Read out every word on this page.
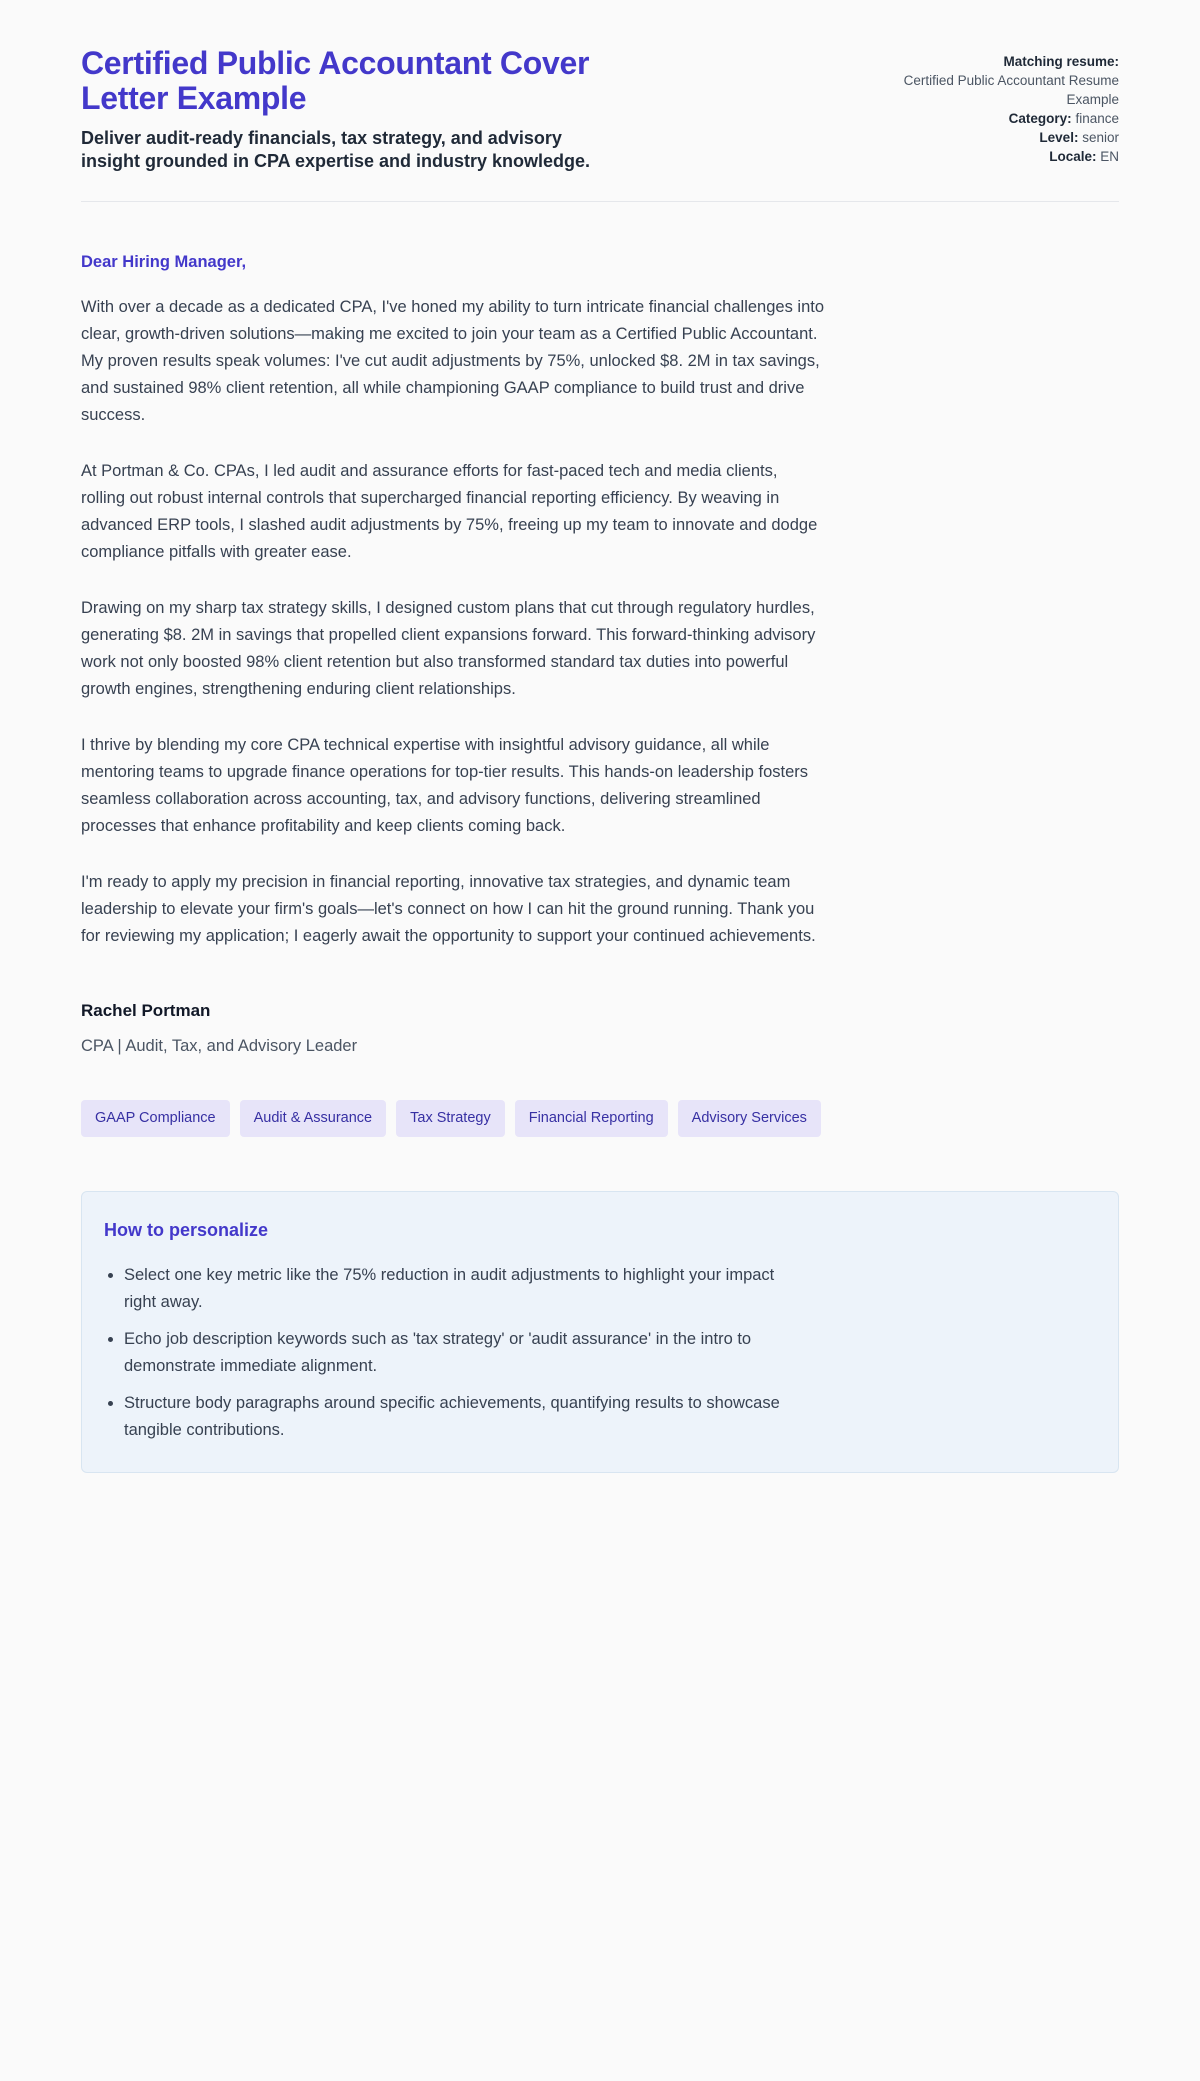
Certified Public Accountant Cover Letter Example

Deliver audit-ready financials, tax strategy, and advisory insight grounded in CPA expertise and industry knowledge.

Matching resume:
Certified Public Accountant Resume Example
Category: finance
Level: senior
Locale: EN

Dear Hiring Manager,

With over a decade as a dedicated CPA, I've honed my ability to turn intricate financial challenges into clear, growth-driven solutions—making me excited to join your team as a Certified Public Accountant. My proven results speak volumes: I've cut audit adjustments by 75%, unlocked $8. 2M in tax savings, and sustained 98% client retention, all while championing GAAP compliance to build trust and drive success.

At Portman & Co. CPAs, I led audit and assurance efforts for fast-paced tech and media clients, rolling out robust internal controls that supercharged financial reporting efficiency. By weaving in advanced ERP tools, I slashed audit adjustments by 75%, freeing up my team to innovate and dodge compliance pitfalls with greater ease.

Drawing on my sharp tax strategy skills, I designed custom plans that cut through regulatory hurdles, generating $8. 2M in savings that propelled client expansions forward. This forward-thinking advisory work not only boosted 98% client retention but also transformed standard tax duties into powerful growth engines, strengthening enduring client relationships.

I thrive by blending my core CPA technical expertise with insightful advisory guidance, all while mentoring teams to upgrade finance operations for top-tier results. This hands-on leadership fosters seamless collaboration across accounting, tax, and advisory functions, delivering streamlined processes that enhance profitability and keep clients coming back.

I'm ready to apply my precision in financial reporting, innovative tax strategies, and dynamic team leadership to elevate your firm's goals—let's connect on how I can hit the ground running. Thank you for reviewing my application; I eagerly await the opportunity to support your continued achievements.

Rachel Portman

CPA | Audit, Tax, and Advisory Leader

GAAP Compliance	Audit & Assurance	Tax Strategy	Financial Reporting	Advisory Services
How to personalize
• Select one key metric like the 75% reduction in audit adjustments to highlight your impact right away.
• Echo job description keywords such as 'tax strategy' or 'audit assurance' in the intro to demonstrate immediate alignment.
• Structure body paragraphs around specific achievements, quantifying results to showcase tangible contributions.
